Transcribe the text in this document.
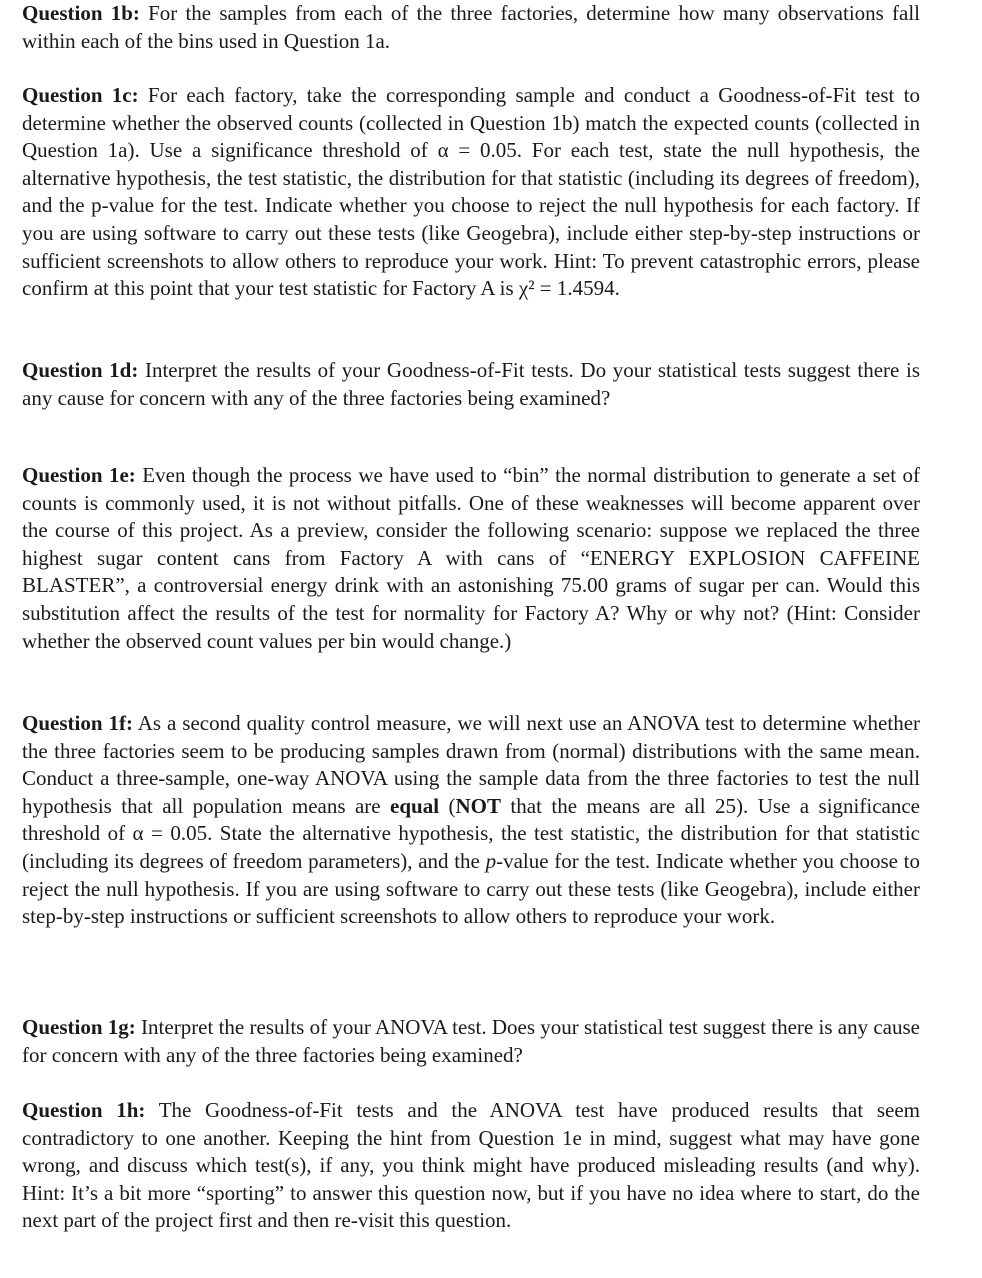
Question 1b: For the samples from each of the three factories, determine how many observations fall within each of the bins used in Question 1a.

Question 1c: For each factory, take the corresponding sample and conduct a Goodness-of-Fit test to determine whether the observed counts (collected in Question 1b) match the expected counts (collected in Question 1a). Use a significance threshold of α = 0.05. For each test, state the null hypothesis, the alternative hypothesis, the test statistic, the distribution for that statistic (including its degrees of freedom), and the p-value for the test. Indicate whether you choose to reject the null hypothesis for each factory. If you are using software to carry out these tests (like Geogebra), include either step-by-step instructions or sufficient screenshots to allow others to reproduce your work. Hint: To prevent catastrophic errors, please confirm at this point that your test statistic for Factory A is χ² = 1.4594.

Question 1d: Interpret the results of your Goodness-of-Fit tests. Do your statistical tests suggest there is any cause for concern with any of the three factories being examined?

Question 1e: Even though the process we have used to “bin” the normal distribution to generate a set of counts is commonly used, it is not without pitfalls. One of these weaknesses will become apparent over the course of this project. As a preview, consider the following scenario: suppose we replaced the three highest sugar content cans from Factory A with cans of “ENERGY EXPLOSION CAFFEINE BLASTER”, a controversial energy drink with an astonishing 75.00 grams of sugar per can. Would this substitution affect the results of the test for normality for Factory A? Why or why not? (Hint: Consider whether the observed count values per bin would change.)

Question 1f: As a second quality control measure, we will next use an ANOVA test to determine whether the three factories seem to be producing samples drawn from (normal) distributions with the same mean. Conduct a three-sample, one-way ANOVA using the sample data from the three factories to test the null hypothesis that all population means are equal (NOT that the means are all 25). Use a significance threshold of α = 0.05. State the alternative hypothesis, the test statistic, the distribution for that statistic (including its degrees of freedom parameters), and the p-value for the test. Indicate whether you choose to reject the null hypothesis. If you are using software to carry out these tests (like Geogebra), include either step-by-step instructions or sufficient screenshots to allow others to reproduce your work.

Question 1g: Interpret the results of your ANOVA test. Does your statistical test suggest there is any cause for concern with any of the three factories being examined?

Question 1h: The Goodness-of-Fit tests and the ANOVA test have produced results that seem contradictory to one another. Keeping the hint from Question 1e in mind, suggest what may have gone wrong, and discuss which test(s), if any, you think might have produced misleading results (and why). Hint: It’s a bit more “sporting” to answer this question now, but if you have no idea where to start, do the next part of the project first and then re-visit this question.
